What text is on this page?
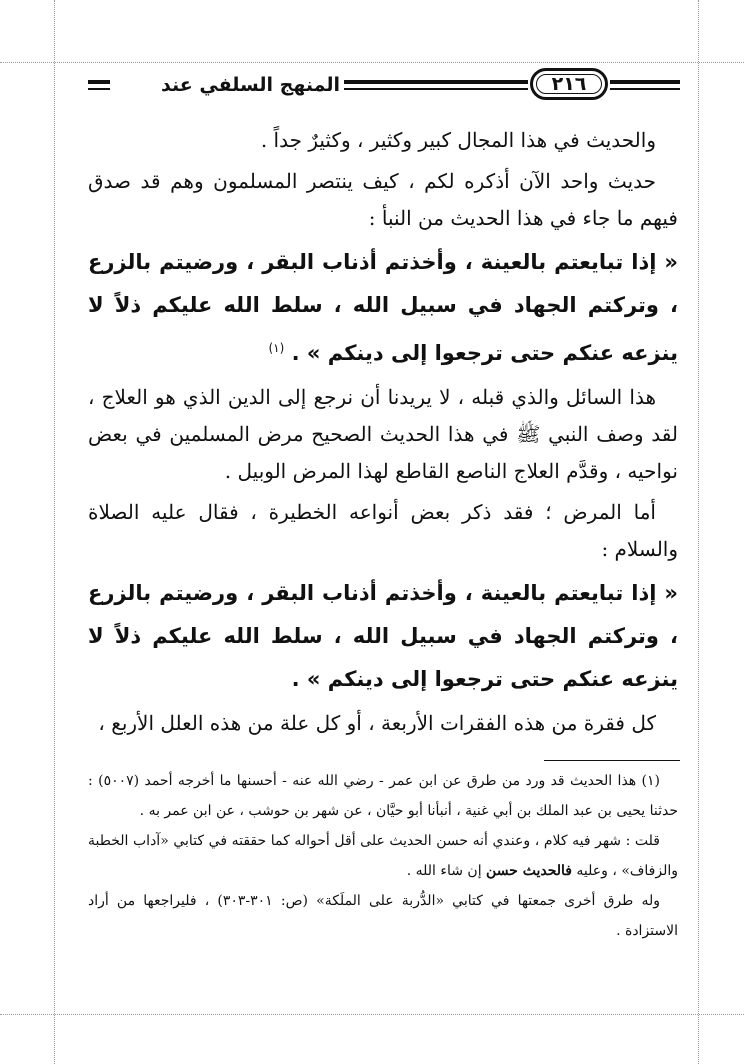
المنهج السلفي عند	٢١٦

والحديث في هذا المجال كبير وكثير ، وكثيرٌ جداً .

حديث واحد الآن أذكره لكم ، كيف ينتصر المسلمون وهم قد صدق فيهم ما جاء في هذا الحديث من النبأ :

« إذا تبايعتم بالعينة ، وأخذتم أذناب البقر ، ورضيتم بالزرع ، وتركتم الجهاد في سبيل الله ، سلط الله عليكم ذلاً لا ينزعه عنكم حتى ترجعوا إلى دينكم » . $^{(١)}$

هذا السائل والذي قبله ، لا يريدنا أن نرجع إلى الدين الذي هو العلاج ، لقد وصف النبي ﷺ في هذا الحديث الصحيح مرض المسلمين في بعض نواحيه ، وقدَّم العلاج الناصع القاطع لهذا المرض الوبيل .

أما المرض ؛ فقد ذكر بعض أنواعه الخطيرة ، فقال عليه الصلاة والسلام :

« إذا تبايعتم بالعينة ، وأخذتم أذناب البقر ، ورضيتم بالزرع ، وتركتم الجهاد في سبيل الله ، سلط الله عليكم ذلاً لا ينزعه عنكم حتى ترجعوا إلى دينكم » .

كل فقرة من هذه الفقرات الأربعة ، أو كل علة من هذه العلل الأربع ،

(١) هذا الحديث قد ورد من طرق عن ابن عمر - رضي الله عنه - أحسنها ما أخرجه أحمد (٥٠٠٧) : حدثنا يحيى بن عبد الملك بن أبي غنية ، أنبأنا أبو حيَّان ، عن شهر بن حوشب ، عن ابن عمر به .

قلت : شهر فيه كلام ، وعندي أنه حسن الحديث على أقل أحواله كما حققته في كتابي «آداب الخطبة والزفاف» ، وعليه فالحديث حسن إن شاء الله .

وله طرق أخرى جمعتها في كتابي «الدُّربة على الملَكة» (ص: ٣٠١-٣٠٣) ، فليراجعها من أراد الاستزادة .
